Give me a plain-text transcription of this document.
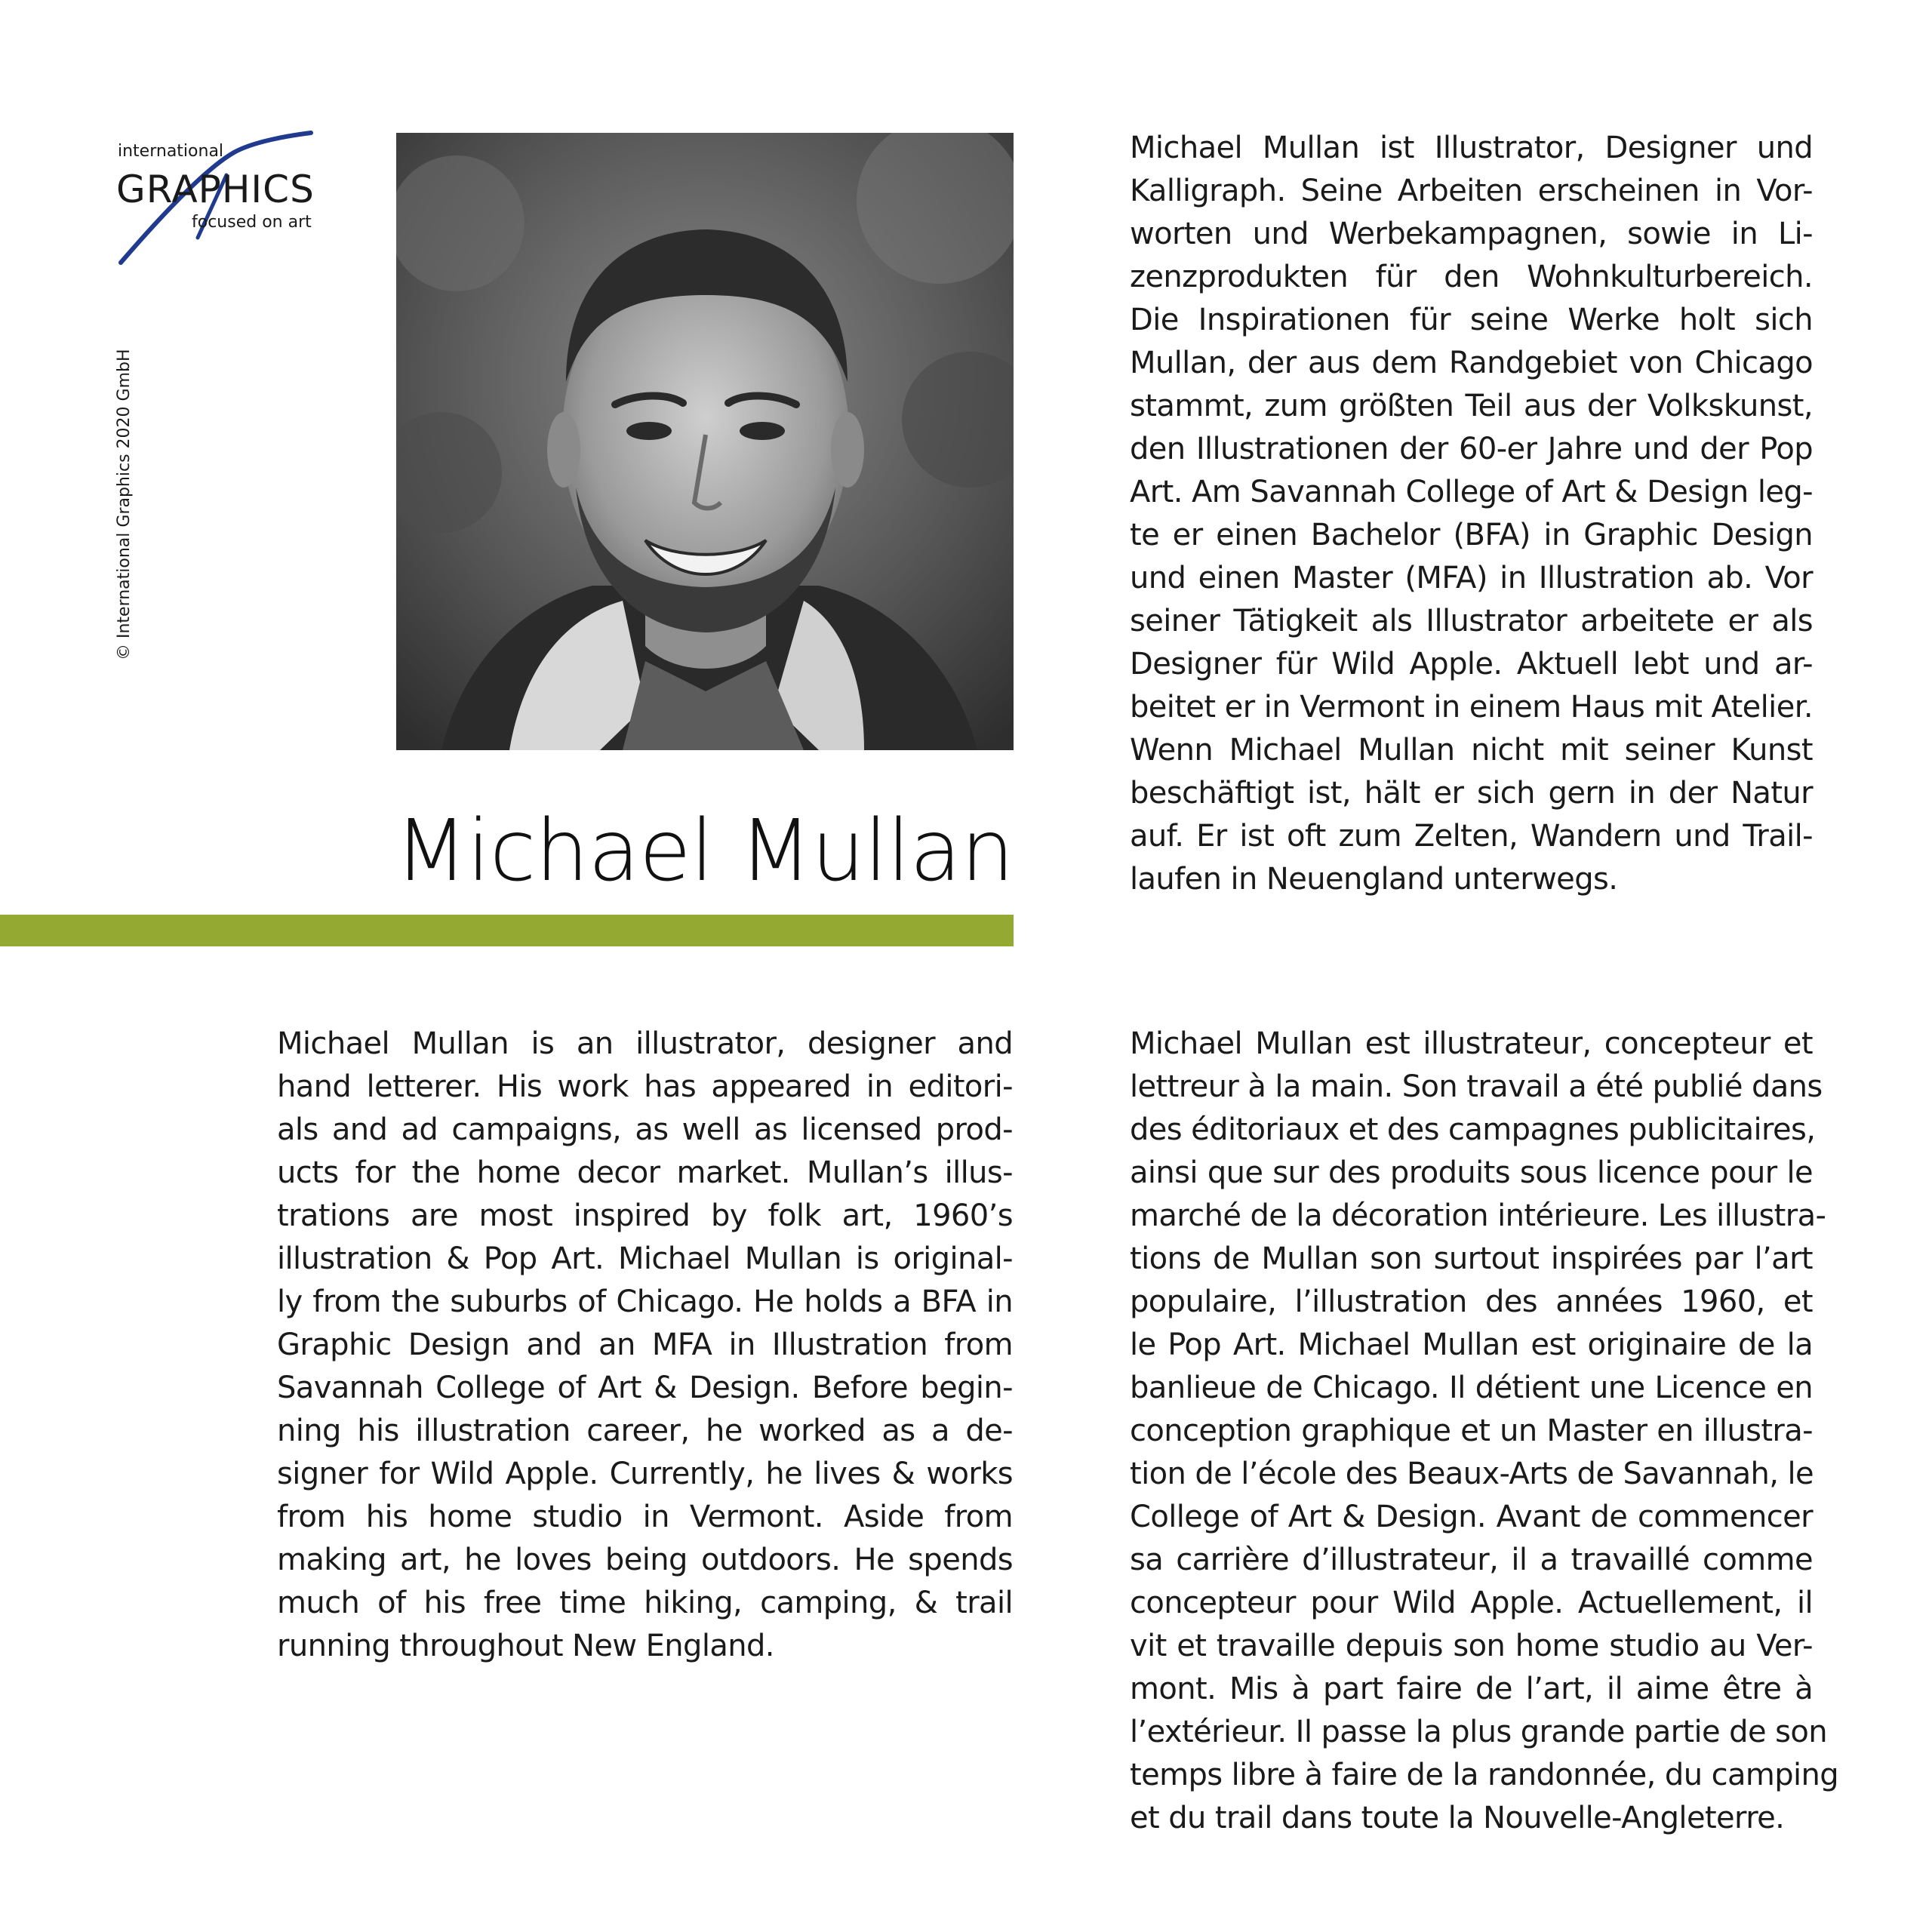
international
GRAPHICS
focused on art
© International Graphics 2020 GmbH
Michael Mullan
Michael Mullan ist Illustrator, Designer und
Kalligraph. Seine Arbeiten erscheinen in Vor-
worten und Werbekampagnen, sowie in Li-
zenzprodukten für den Wohnkulturbereich.
Die Inspirationen für seine Werke holt sich
Mullan, der aus dem Randgebiet von Chicago
stammt, zum größten Teil aus der Volkskunst,
den Illustrationen der 60-er Jahre und der Pop
Art. Am Savannah College of Art & Design leg-
te er einen Bachelor (BFA) in Graphic Design
und einen Master (MFA) in Illustration ab. Vor
seiner Tätigkeit als Illustrator arbeitete er als
Designer für Wild Apple. Aktuell lebt und ar-
beitet er in Vermont in einem Haus mit Atelier.
Wenn Michael Mullan nicht mit seiner Kunst
beschäftigt ist, hält er sich gern in der Natur
auf. Er ist oft zum Zelten, Wandern und Trail-
laufen in Neuengland unterwegs.
Michael Mullan is an illustrator, designer and
hand letterer. His work has appeared in editori-
als and ad campaigns, as well as licensed prod-
ucts for the home decor market. Mullan’s illus-
trations are most inspired by folk art, 1960’s
illustration & Pop Art. Michael Mullan is original-
ly from the suburbs of Chicago. He holds a BFA in
Graphic Design and an MFA in Illustration from
Savannah College of Art & Design. Before begin-
ning his illustration career, he worked as a de-
signer for Wild Apple. Currently, he lives & works
from his home studio in Vermont. Aside from
making art, he loves being outdoors. He spends
much of his free time hiking, camping, & trail
running throughout New England.
Michael Mullan est illustrateur, concepteur et
lettreur à la main. Son travail a été publié dans
des éditoriaux et des campagnes publicitaires,
ainsi que sur des produits sous licence pour le
marché de la décoration intérieure. Les illustra-
tions de Mullan son surtout inspirées par l’art
populaire, l’illustration des années 1960, et
le Pop Art. Michael Mullan est originaire de la
banlieue de Chicago. Il détient une Licence en
conception graphique et un Master en illustra-
tion de l’école des Beaux-Arts de Savannah, le
College of Art & Design. Avant de commencer
sa carrière d’illustrateur, il a travaillé comme
concepteur pour Wild Apple. Actuellement, il
vit et travaille depuis son home studio au Ver-
mont. Mis à part faire de l’art, il aime être à
l’extérieur. Il passe la plus grande partie de son
temps libre à faire de la randonnée, du camping
et du trail dans toute la Nouvelle-Angleterre.
